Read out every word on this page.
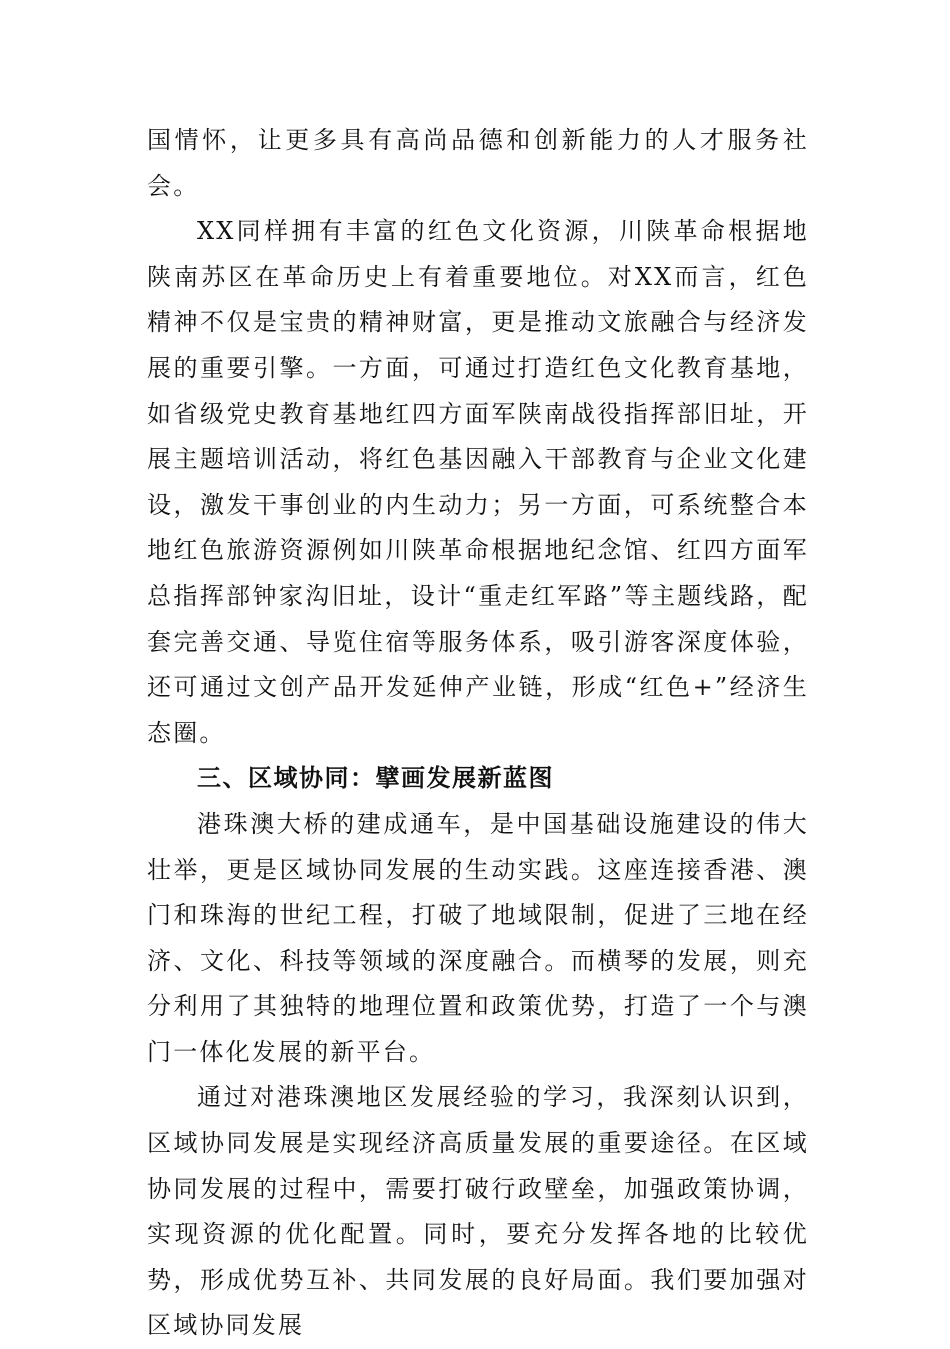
国情怀，让更多具有高尚品德和创新能力的人才服务社会。

XX同样拥有丰富的红色文化资源，川陕革命根据地陕南苏区在革命历史上有着重要地位。对XX而言，红色精神不仅是宝贵的精神财富，更是推动文旅融合与经济发展的重要引擎。一方面，可通过打造红色文化教育基地，如省级党史教育基地红四方面军陕南战役指挥部旧址，开展主题培训活动，将红色基因融入干部教育与企业文化建设，激发干事创业的内生动力；另一方面，可系统整合本地红色旅游资源例如川陕革命根据地纪念馆、红四方面军总指挥部钟家沟旧址，设计“重走红军路”等主题线路，配套完善交通、导览住宿等服务体系，吸引游客深度体验，还可通过文创产品开发延伸产业链，形成“红色+”经济生态圈。

三、区域协同：擘画发展新蓝图

港珠澳大桥的建成通车，是中国基础设施建设的伟大壮举，更是区域协同发展的生动实践。这座连接香港、澳门和珠海的世纪工程，打破了地域限制，促进了三地在经济、文化、科技等领域的深度融合。而横琴的发展，则充分利用了其独特的地理位置和政策优势，打造了一个与澳门一体化发展的新平台。

通过对港珠澳地区发展经验的学习，我深刻认识到，区域协同发展是实现经济高质量发展的重要途径。在区域协同发展的过程中，需要打破行政壁垒，加强政策协调，实现资源的优化配置。同时，要充分发挥各地的比较优势，形成优势互补、共同发展的良好局面。我们要加强对区域协同发展
